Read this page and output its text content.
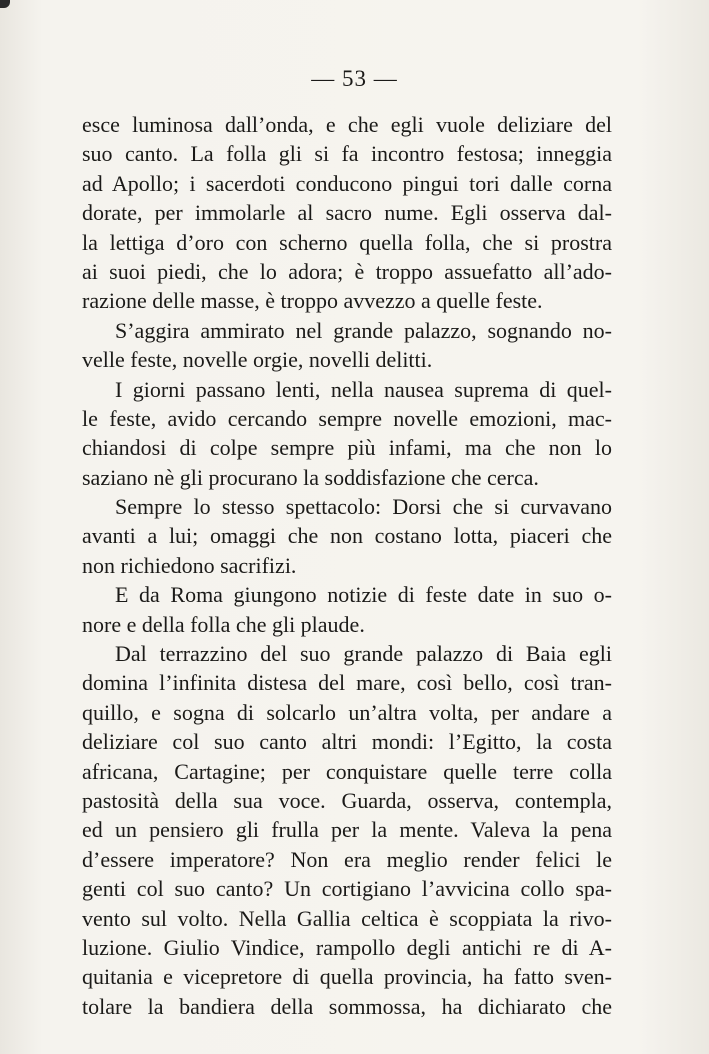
— 53 —
esce luminosa dall’onda, e che egli vuole deliziare del
suo canto. La folla gli si fa incontro festosa; inneggia
ad Apollo; i sacerdoti conducono pingui tori dalle corna
dorate, per immolarle al sacro nume. Egli osserva dal-
la lettiga d’oro con scherno quella folla, che si prostra
ai suoi piedi, che lo adora; è troppo assuefatto all’ado-
razione delle masse, è troppo avvezzo a quelle feste.
S’aggira ammirato nel grande palazzo, sognando no-
velle feste, novelle orgie, novelli delitti.
I giorni passano lenti, nella nausea suprema di quel-
le feste, avido cercando sempre novelle emozioni, mac-
chiandosi di colpe sempre più infami, ma che non lo
saziano nè gli procurano la soddisfazione che cerca.
Sempre lo stesso spettacolo: Dorsi che si curvavano
avanti a lui; omaggi che non costano lotta, piaceri che
non richiedono sacrifizi.
E da Roma giungono notizie di feste date in suo o-
nore e della folla che gli plaude.
Dal terrazzino del suo grande palazzo di Baia egli
domina l’infinita distesa del mare, così bello, così tran-
quillo, e sogna di solcarlo un’altra volta, per andare a
deliziare col suo canto altri mondi: l’Egitto, la costa
africana, Cartagine; per conquistare quelle terre colla
pastosità della sua voce. Guarda, osserva, contempla,
ed un pensiero gli frulla per la mente. Valeva la pena
d’essere imperatore? Non era meglio render felici le
genti col suo canto? Un cortigiano l’avvicina collo spa-
vento sul volto. Nella Gallia celtica è scoppiata la rivo-
luzione. Giulio Vindice, rampollo degli antichi re di A-
quitania e vicepretore di quella provincia, ha fatto sven-
tolare la bandiera della sommossa, ha dichiarato che
